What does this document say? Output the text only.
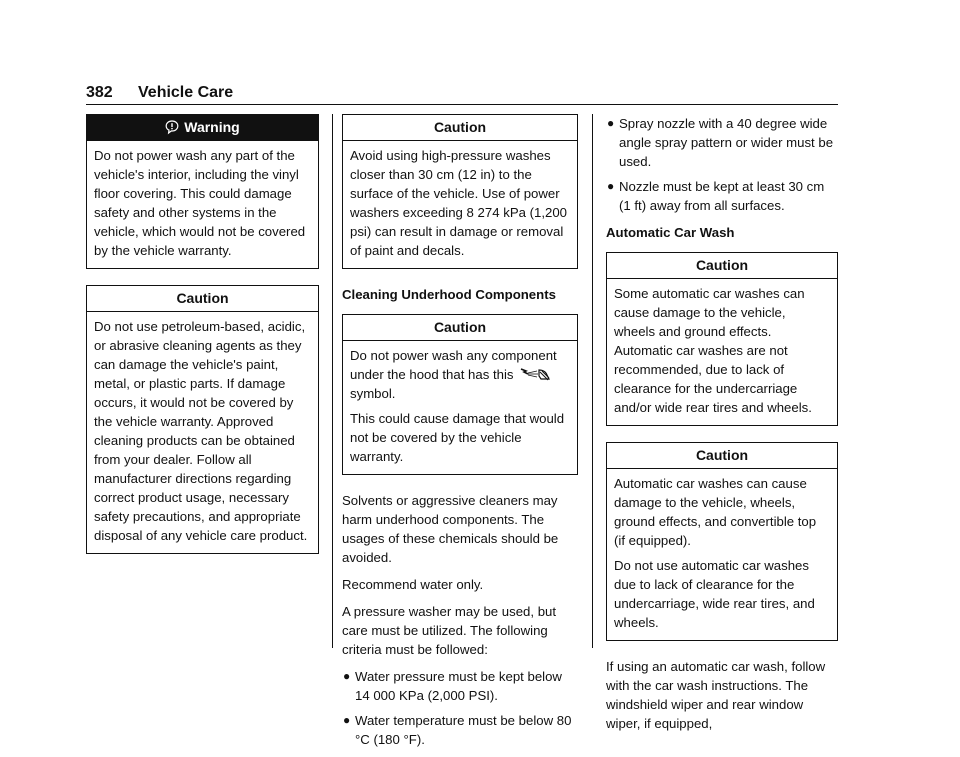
382 Vehicle Care
Warning

Do not power wash any part of the vehicle's interior, including the vinyl floor covering. This could damage safety and other systems in the vehicle, which would not be covered by the vehicle warranty.

Caution

Do not use petroleum-based, acidic, or abrasive cleaning agents as they can damage the vehicle's paint, metal, or plastic parts. If damage occurs, it would not be covered by the vehicle warranty. Approved cleaning products can be obtained from your dealer. Follow all manufacturer directions regarding correct product usage, necessary safety precautions, and appropriate disposal of any vehicle care product.

Caution

Avoid using high-pressure washes closer than 30 cm (12 in) to the surface of the vehicle. Use of power washers exceeding 8 274 kPa (1,200 psi) can result in damage or removal of paint and decals.

Cleaning Underhood Components
Caution

Do not power wash any component under the hood that has this
symbol.

This could cause damage that would not be covered by the vehicle warranty.

Solvents or aggressive cleaners may harm underhood components. The usages of these chemicals should be avoided.

Recommend water only.

A pressure washer may be used, but care must be utilized. The following criteria must be followed:

● Water pressure must be kept below 14 000 KPa (2,000 PSI).
● Water temperature must be below 80 °C (180 °F).
● Spray nozzle with a 40 degree wide angle spray pattern or wider must be used.
● Nozzle must be kept at least 30 cm (1 ft) away from all surfaces.
Automatic Car Wash
Caution

Some automatic car washes can cause damage to the vehicle, wheels and ground effects. Automatic car washes are not recommended, due to lack of clearance for the undercarriage and/or wide rear tires and wheels.

Caution

Automatic car washes can cause damage to the vehicle, wheels, ground effects, and convertible top (if equipped).

Do not use automatic car washes due to lack of clearance for the undercarriage, wide rear tires, and wheels.

If using an automatic car wash, follow with the car wash instructions. The windshield wiper and rear window wiper, if equipped,
